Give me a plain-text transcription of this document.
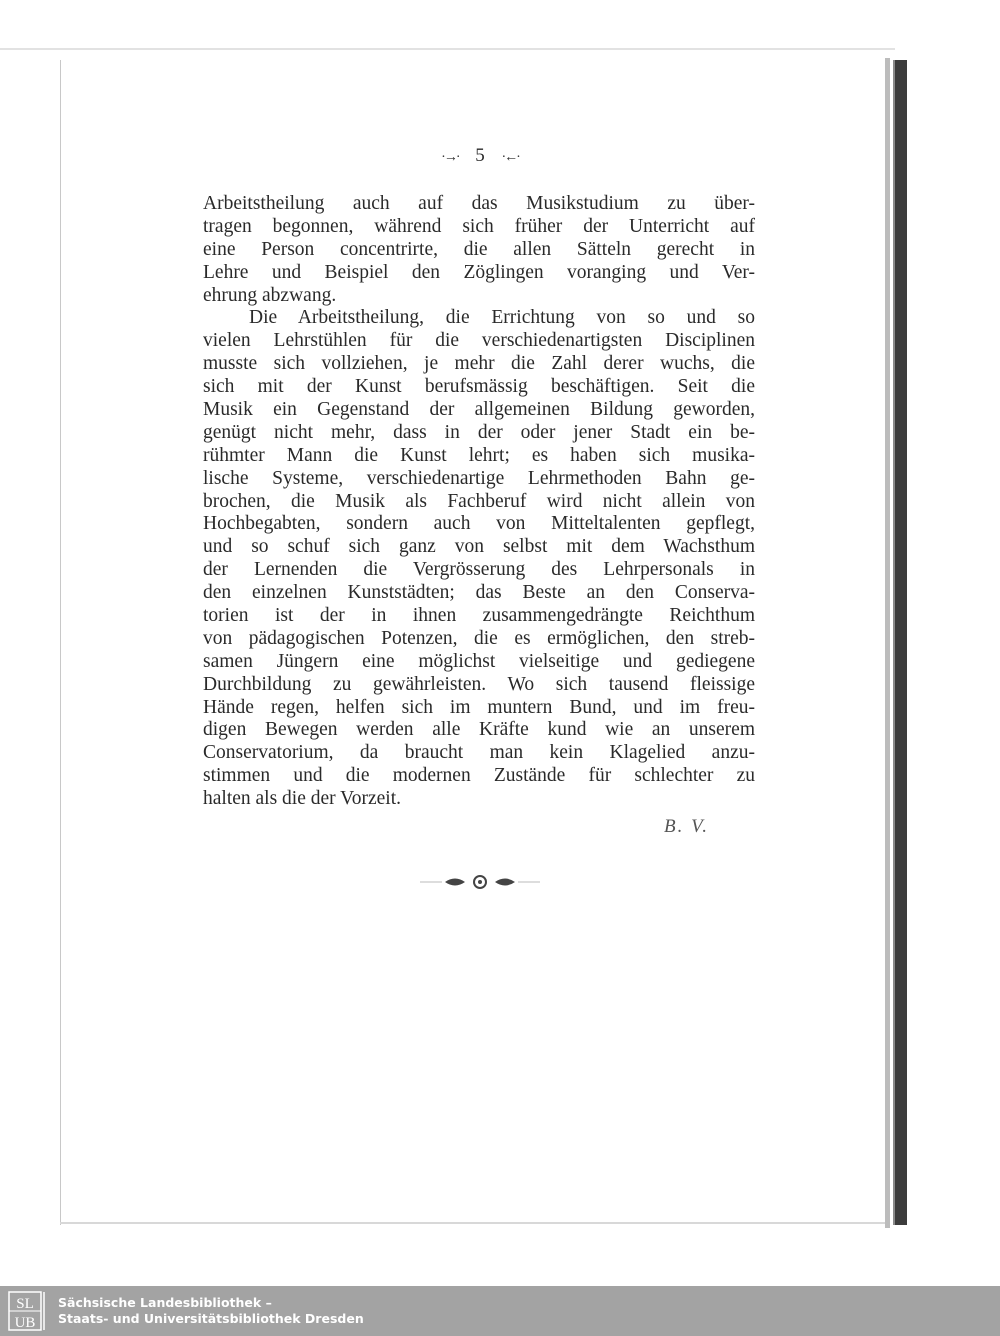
·→· 5 ·←·
Arbeitstheilung auch auf das Musikstudium zu über-
tragen begonnen, während sich früher der Unterricht auf
eine Person concentrirte, die allen Sätteln gerecht in
Lehre und Beispiel den Zöglingen voranging und Ver-
ehrung abzwang.
Die Arbeitstheilung, die Errichtung von so und so
vielen Lehrstühlen für die verschiedenartigsten Disciplinen
musste sich vollziehen, je mehr die Zahl derer wuchs, die
sich mit der Kunst berufsmässig beschäftigen. Seit die
Musik ein Gegenstand der allgemeinen Bildung geworden,
genügt nicht mehr, dass in der oder jener Stadt ein be-
rühmter Mann die Kunst lehrt; es haben sich musika-
lische Systeme, verschiedenartige Lehrmethoden Bahn ge-
brochen, die Musik als Fachberuf wird nicht allein von
Hochbegabten, sondern auch von Mitteltalenten gepflegt,
und so schuf sich ganz von selbst mit dem Wachsthum
der Lernenden die Vergrösserung des Lehrpersonals in
den einzelnen Kunststädten; das Beste an den Conserva-
torien ist der in ihnen zusammengedrängte Reichthum
von pädagogischen Potenzen, die es ermöglichen, den streb-
samen Jüngern eine möglichst vielseitige und gediegene
Durchbildung zu gewährleisten. Wo sich tausend fleissige
Hände regen, helfen sich im muntern Bund, und im freu-
digen Bewegen werden alle Kräfte kund wie an unserem
Conservatorium, da braucht man kein Klagelied anzu-
stimmen und die modernen Zustände für schlechter zu
halten als die der Vorzeit.
B. V.
SL
UB
Sächsische Landesbibliothek –
Staats- und Universitätsbibliothek Dresden
